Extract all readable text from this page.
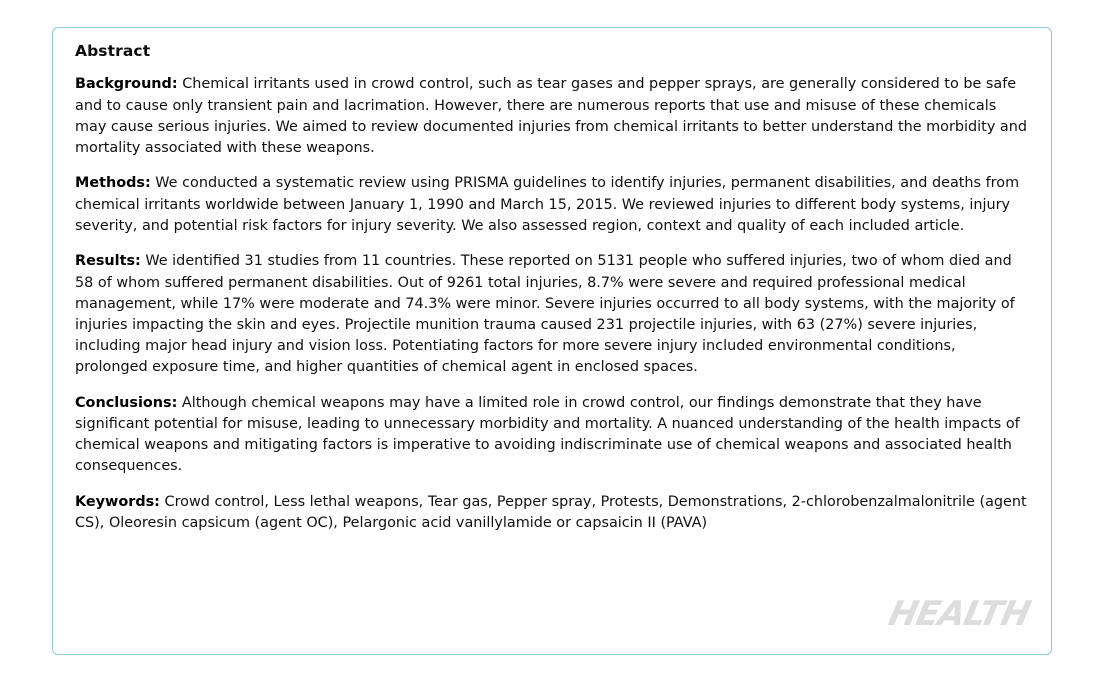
Abstract

Background: Chemical irritants used in crowd control, such as tear gases and pepper sprays, are generally considered to be safe and to cause only transient pain and lacrimation. However, there are numerous reports that use and misuse of these chemicals may cause serious injuries. We aimed to review documented injuries from chemical irritants to better understand the morbidity and mortality associated with these weapons.

Methods: We conducted a systematic review using PRISMA guidelines to identify injuries, permanent disabilities, and deaths from chemical irritants worldwide between January 1, 1990 and March 15, 2015. We reviewed injuries to different body systems, injury severity, and potential risk factors for injury severity. We also assessed region, context and quality of each included article.

Results: We identified 31 studies from 11 countries. These reported on 5131 people who suffered injuries, two of whom died and 58 of whom suffered permanent disabilities. Out of 9261 total injuries, 8.7% were severe and required professional medical management, while 17% were moderate and 74.3% were minor. Severe injuries occurred to all body systems, with the majority of injuries impacting the skin and eyes. Projectile munition trauma caused 231 projectile injuries, with 63 (27%) severe injuries, including major head injury and vision loss. Potentiating factors for more severe injury included environmental conditions, prolonged exposure time, and higher quantities of chemical agent in enclosed spaces.

Conclusions: Although chemical weapons may have a limited role in crowd control, our findings demonstrate that they have significant potential for misuse, leading to unnecessary morbidity and mortality. A nuanced understanding of the health impacts of chemical weapons and mitigating factors is imperative to avoiding indiscriminate use of chemical weapons and associated health consequences.

Keywords: Crowd control, Less lethal weapons, Tear gas, Pepper spray, Protests, Demonstrations, 2-chlorobenzalmalonitrile (agent CS), Oleoresin capsicum (agent OC), Pelargonic acid vanillylamide or capsaicin II (PAVA)

HEALTH
